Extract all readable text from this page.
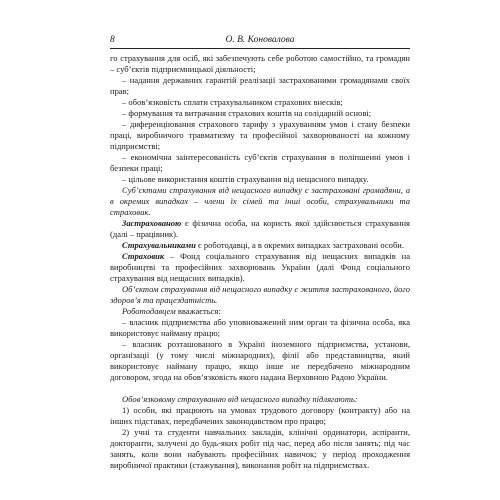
8	О. В. Коновалова

го страхування для осіб, які забезпечують себе роботою самостійно, та громадян – суб’єктів підприємницької діяльності;

– надання державних гарантій реалізації застрахованими громадянами своїх прав;

– обов’язковість сплати страхувальником страхових внесків;

– формування та витрачання страхових коштів на солідарній основі;

– диференціювання страхового тарифу з урахуванням умов і стану безпеки праці, виробничого травматизму та професійної захворюваності на кожному підприємстві;

– економічна заінтересованість суб’єктів страхування в поліпшенні умов і безпеки праці;

– цільове використання коштів страхування від нещасного випадку.

Суб’єктами страхування від нещасного випадку є застраховані громадяни, а в окремих випадках – члени їх сімей та інші особи, страхувальники та страховик.

Застрахованою є фізична особа, на користь якої здійснюється страхування (далі – працівник).

Страхувальниками є роботодавці, а в окремих випадках застраховані особи.

Страховик – Фонд соціального страхування від нещасних випадків на виробництві та професійних захворювань України (далі Фонд соціального страхування від нещасних випадків).

Об’єктом страхування від нещасного випадку є життя застрахованого, його здоров’я та працездатність.

Роботодавцем вважається:

– власник підприємства або уповноважений ним орган та фізична особа, яка використовує найману працю;

– власник розташованого в Україні іноземного підприємства, установи, організації (у тому числі міжнародних), філії або представництва, який використовує найману працю, якщо інше не передбачено міжнародним договором, згода на обов’язковість якого надана Верховною Радою України.

Обов’язковому страхуванню від нещасного випадку підлягають:

1) особи, які працюють на умовах трудового договору (контракту) або на інших підставах, передбачених законодавством про працю;

2) учні та студенти навчальних закладів, клінічні ординатори, аспіранти, докторанти, залучені до будь-яких робіт під час, перед або після занять; під час занять, коли вони набувають професійних навичок; у період проходження виробничої практики (стажування), виконання робіт на підприємствах.
